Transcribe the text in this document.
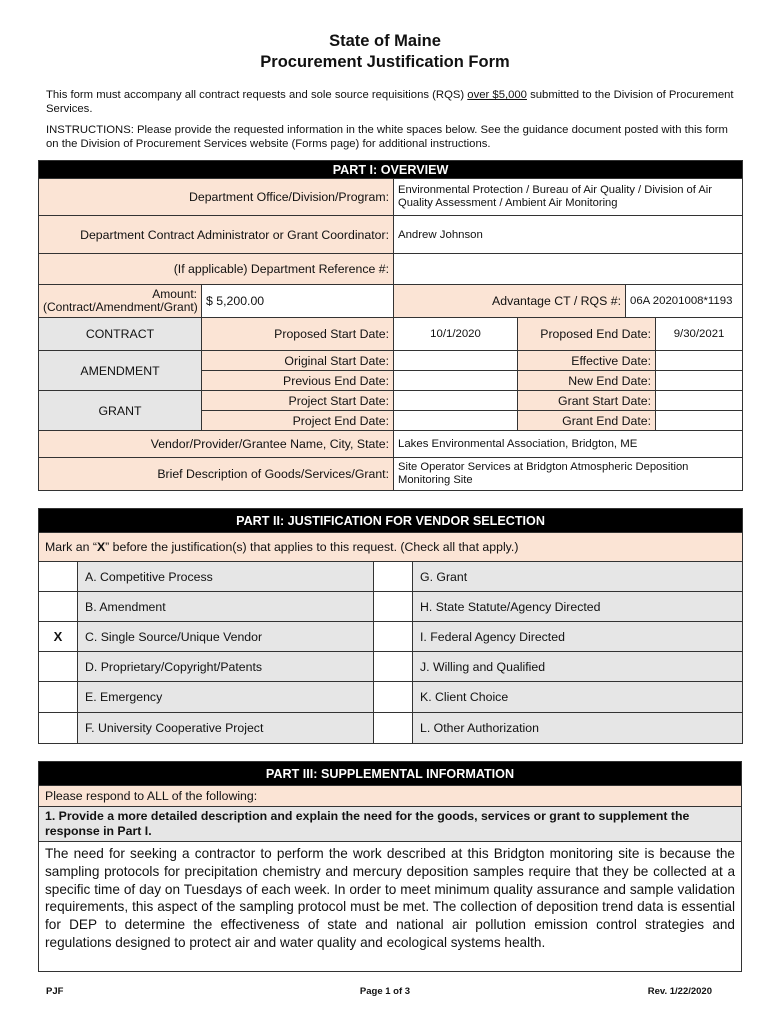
State of Maine
Procurement Justification Form
This form must accompany all contract requests and sole source requisitions (RQS) over $5,000 submitted to the Division of Procurement Services.
INSTRUCTIONS: Please provide the requested information in the white spaces below. See the guidance document posted with this form on the Division of Procurement Services website (Forms page) for additional instructions.
PART I: OVERVIEW					
Department Office/Division/Program:		Environmental Protection / Bureau of Air Quality / Division of Air Quality Assessment / Ambient Air Monitoring			
Department Contract Administrator or Grant Coordinator:		Andrew Johnson			
(If applicable) Department Reference #:					
Amount: (Contract/Amendment/Grant)	$ 5,200.00	Advantage CT / RQS #:		06A 20201008*1193	
CONTRACT	Proposed Start Date:	10/1/2020	Proposed End Date:		9/30/2021
AMENDMENT	Original Start Date:		Effective Date:		
	Previous End Date:		New End Date:		
GRANT	Project Start Date:		Grant Start Date:		
	Project End Date:		Grant End Date:		
Vendor/Provider/Grantee Name, City, State:		Lakes Environmental Association, Bridgton, ME			
Brief Description of Goods/Services/Grant:		Site Operator Services at Bridgton Atmospheric Deposition Monitoring Site			
PART II: JUSTIFICATION FOR VENDOR SELECTION			
Mark an “X” before the justification(s) that applies to this request. (Check all that apply.)			
	A. Competitive Process		G. Grant
	B. Amendment		H. State Statute/Agency Directed
X	C. Single Source/Unique Vendor		I. Federal Agency Directed
	D. Proprietary/Copyright/Patents		J. Willing and Qualified
	E. Emergency		K. Client Choice
	F. University Cooperative Project		L. Other Authorization
PART III: SUPPLEMENTAL INFORMATION
Please respond to ALL of the following:
1. Provide a more detailed description and explain the need for the goods, services or grant to supplement the response in Part I.
The need for seeking a contractor to perform the work described at this Bridgton monitoring site is because the sampling protocols for precipitation chemistry and mercury deposition samples require that they be collected at a specific time of day on Tuesdays of each week. In order to meet minimum quality assurance and sample validation requirements, this aspect of the sampling protocol must be met. The collection of deposition trend data is essential for DEP to determine the effectiveness of state and national air pollution emission control strategies and regulations designed to protect air and water quality and ecological systems health.
PJF	Page 1 of 3	Rev. 1/22/2020
